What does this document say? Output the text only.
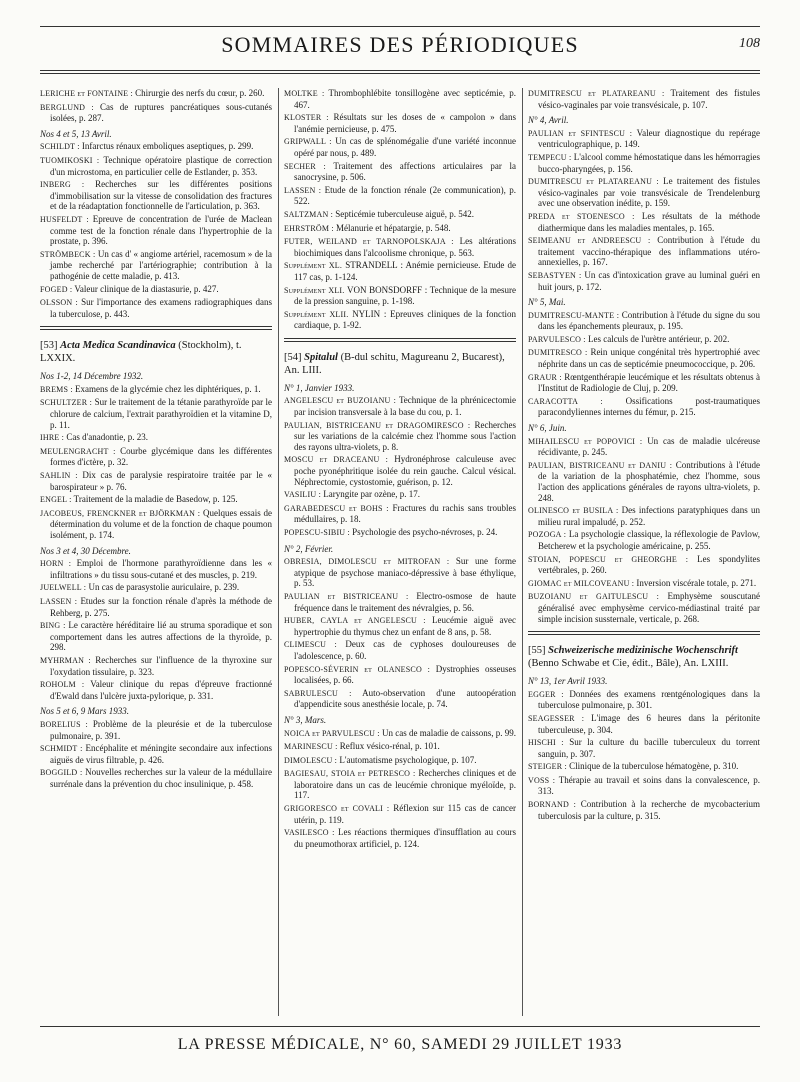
SOMMAIRES DES PÉRIODIQUES	108

LERICHE et FONTAINE : Chirurgie des nerfs du cœur, p. 260.

BERGLUND : Cas de ruptures pancréatiques sous-cutanés isolées, p. 287.

Nos 4 et 5, 13 Avril.

SCHILDT : Infarctus rénaux emboliques aseptiques, p. 299.

TUOMIKOSKI : Technique opératoire plastique de correction d'un microstoma, en particulier celle de Estlander, p. 353.

INBERG : Recherches sur les différentes positions d'immobilisation sur la vitesse de consolidation des fractures et de la réadaptation fonctionnelle de l'articulation, p. 363.

HUSFELDT : Epreuve de concentration de l'urée de Maclean comme test de la fonction rénale dans l'hypertrophie de la prostate, p. 396.

STRÖMBECK : Un cas d' « angiome artériel, racemosum » de la jambe recherché par l'artériographie; contribution à la pathogénie de cette maladie, p. 413.

FOGED : Valeur clinique de la diastasurie, p. 427.

OLSSON : Sur l'importance des examens radiographiques dans la tuberculose, p. 443.

[53] Acta Medica Scandinavica (Stockholm), t. LXXIX.

Nos 1-2, 14 Décembre 1932.

BREMS : Examens de la glycémie chez les diphtériques, p. 1.

SCHULTZER : Sur le traitement de la tétanie parathyroïde par le chlorure de calcium, l'extrait parathyroïdien et la vitamine D, p. 11.

IHRE : Cas d'anadontie, p. 23.

MEULENGRACHT : Courbe glycémique dans les différentes formes d'ictère, p. 32.

SAHLIN : Dix cas de paralysie respiratoire traitée par le « barospirateur » p. 76.

ENGEL : Traitement de la maladie de Basedow, p. 125.

JACOBEUS, FRENCKNER et BJÖRKMAN : Quelques essais de détermination du volume et de la fonction de chaque poumon isolément, p. 174.

Nos 3 et 4, 30 Décembre.

HORN : Emploi de l'hormone parathyroïdienne dans les « infiltrations » du tissu sous-cutané et des muscles, p. 219.

JUELWELL : Un cas de parasystolie auriculaire, p. 239.

LASSEN : Etudes sur la fonction rénale d'après la méthode de Rehberg, p. 275.

BING : Le caractère héréditaire lié au struma sporadique et son comportement dans les autres affections de la thyroïde, p. 298.

MYHRMAN : Recherches sur l'influence de la thyroxine sur l'oxydation tissulaire, p. 323.

ROHOLM : Valeur clinique du repas d'épreuve fractionné d'Ewald dans l'ulcère juxta-pylorique, p. 331.

Nos 5 et 6, 9 Mars 1933.

BORELIUS : Problème de la pleurésie et de la tuberculose pulmonaire, p. 391.

SCHMIDT : Encéphalite et méningite secondaire aux infections aiguës de virus filtrable, p. 426.

BOGGILD : Nouvelles recherches sur la valeur de la médullaire surrénale dans la prévention du choc insulinique, p. 458.

MOLTKE : Thrombophlébite tonsillogène avec septicémie, p. 467.

KLOSTER : Résultats sur les doses de « campolon » dans l'anémie pernicieuse, p. 475.

GRIPWALL : Un cas de splénomégalie d'une variété inconnue opéré par nous, p. 489.

SECHER : Traitement des affections articulaires par la sanocrysine, p. 506.

LASSEN : Etude de la fonction rénale (2e communication), p. 522.

SALTZMAN : Septicémie tuberculeuse aiguë, p. 542.

EHRSTRÖM : Mélanurie et hépatargie, p. 548.

FUTER, WEILAND et TARNOPOLSKAJA : Les altérations biochimiques dans l'alcoolisme chronique, p. 563.

Supplément XL. STRANDELL : Anémie pernicieuse. Etude de 117 cas, p. 1-124.

Supplément XLI. VON BONSDORFF : Technique de la mesure de la pression sanguine, p. 1-198.

Supplément XLII. NYLIN : Epreuves cliniques de la fonction cardiaque, p. 1-92.

[54] Spitalul (B-dul schitu, Magureanu 2, Bucarest), An. LIII.

N° 1, Janvier 1933.

ANGELESCU et BUZOIANU : Technique de la phrénicectomie par incision transversale à la base du cou, p. 1.

PAULIAN, BISTRICEANU et DRAGOMIRESCO : Recherches sur les variations de la calcémie chez l'homme sous l'action des rayons ultra-violets, p. 8.

MOSCU et DRACEANU : Hydronéphrose calculeuse avec poche pyonéphritique isolée du rein gauche. Calcul vésical. Néphrectomie, cystostomie, guérison, p. 12.

VASILIU : Laryngite par ozène, p. 17.

GARABEDESCU et BOHS : Fractures du rachis sans troubles médullaires, p. 18.

POPESCU-SIBIU : Psychologie des psycho-névroses, p. 24.

N° 2, Février.

OBRESIA, DIMOLESCU et MITROFAN : Sur une forme atypique de psychose maniaco-dépressive à base éthylique, p. 53.

PAULIAN et BISTRICEANU : Electro-osmose de haute fréquence dans le traitement des névralgies, p. 56.

HUBER, CAYLA et ANGELESCU : Leucémie aiguë avec hypertrophie du thymus chez un enfant de 8 ans, p. 58.

CLIMESCU : Deux cas de cyphoses douloureuses de l'adolescence, p. 60.

POPESCO-SÉVERIN et OLANESCO : Dystrophies osseuses localisées, p. 66.

SABRULESCU : Auto-observation d'une autoopération d'appendicite sous anesthésie locale, p. 74.

N° 3, Mars.

NOICA et PARVULESCU : Un cas de maladie de caissons, p. 99.

MARINESCU : Reflux vésico-rénal, p. 101.

DIMOLESCU : L'automatisme psychologique, p. 107.

BAGIESAU, STOIA et PETRESCO : Recherches cliniques et de laboratoire dans un cas de leucémie chronique myéloïde, p. 117.

GRIGORESCO et COVALI : Réflexion sur 115 cas de cancer utérin, p. 119.

VASILESCO : Les réactions thermiques d'insufflation au cours du pneumothorax artificiel, p. 124.

DUMITRESCU et PLATAREANU : Traitement des fistules vésico-vaginales par voie transvésicale, p. 107.

N° 4, Avril.

PAULIAN et SFINTESCU : Valeur diagnostique du repérage ventriculographique, p. 149.

TEMPECU : L'alcool comme hémostatique dans les hémorragies bucco-pharyngées, p. 156.

DUMITRESCU et PLATAREANU : Le traitement des fistules vésico-vaginales par voie transvésicale de Trendelenburg avec une observation inédite, p. 159.

PREDA et STOENESCO : Les résultats de la méthode diathermique dans les maladies mentales, p. 165.

SEIMEANU et ANDREESCU : Contribution à l'étude du traitement vaccino-thérapique des inflammations utéro-annexielles, p. 167.

SEBASTYEN : Un cas d'intoxication grave au luminal guéri en huit jours, p. 172.

N° 5, Mai.

DUMITRESCU-MANTE : Contribution à l'étude du signe du sou dans les épanchements pleuraux, p. 195.

PARVULESCO : Les calculs de l'urètre antérieur, p. 202.

DUMITRESCO : Rein unique congénital très hypertrophié avec néphrite dans un cas de septicémie pneumococcique, p. 206.

GRAUR : Rœntgenthérapie leucémique et les résultats obtenus à l'Institut de Radiologie de Cluj, p. 209.

CARACOTTA :	Ossifications post-traumatiques paracondyliennes internes du fémur, p. 215.

N° 6, Juin.

MIHAILESCU et POPOVICI : Un cas de maladie ulcéreuse récidivante, p. 245.

PAULIAN, BISTRICEANU et DANIU : Contributions à l'étude de la variation de la phosphatémie, chez l'homme, sous l'action des applications générales de rayons ultra-violets, p. 248.

OLINESCO et BUSILA : Des infections paratyphiques dans un milieu rural impaludé, p. 252.

POZOGA : La psychologie classique, la réflexologie de Pavlow, Betcherew et la psychologie américaine, p. 255.

STOIAN, POPESCU et GHEORGHE : Les spondylites vertébrales, p. 260.

GIOMAC et MILCOVEANU : Inversion viscérale totale, p. 271.

BUZOIANU et GAITULESCU : Emphysème souscutané généralisé avec emphysème cervico-médiastinal traité par simple incision sussternale, verticale, p. 268.

[55] Schweizerische medizinische Wochenschrift (Benno Schwabe et Cie, édit., Bâle), An. LXIII.

N° 13, 1er Avril 1933.

EGGER : Données des examens rœntgénologiques dans la tuberculose pulmonaire, p. 301.

SEAGESSER : L'image des 6 heures dans la péritonite tuberculeuse, p. 304.

HISCHI : Sur la culture du bacille tuberculeux du torrent sanguin, p. 307.

STEIGER : Clinique de la tuberculose hématogène, p. 310.

VOSS : Thérapie au travail et soins dans la convalescence, p. 313.

BORNAND : Contribution à la recherche de mycobacterium tuberculosis par la culture, p. 315.

LA PRESSE MÉDICALE, N° 60, SAMEDI 29 JUILLET 1933
